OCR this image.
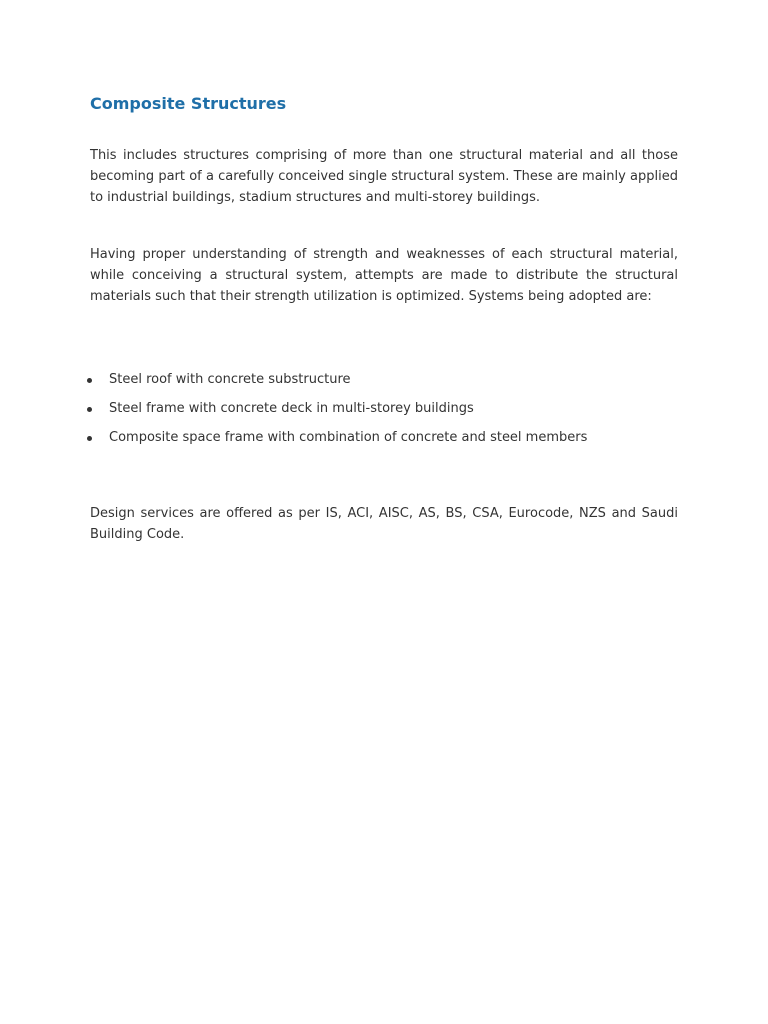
Composite Structures

This includes structures comprising of more than one structural material and all those becoming part of a carefully conceived single structural system. These are mainly applied to industrial buildings, stadium structures and multi-storey buildings.

Having proper understanding of strength and weaknesses of each structural material, while conceiving a structural system, attempts are made to distribute the structural materials such that their strength utilization is optimized. Systems being adopted are:

Steel roof with concrete substructure
Steel frame with concrete deck in multi-storey buildings
Composite space frame with combination of concrete and steel members

Design services are offered as per IS, ACI, AISC, AS, BS, CSA, Eurocode, NZS and Saudi Building Code.
